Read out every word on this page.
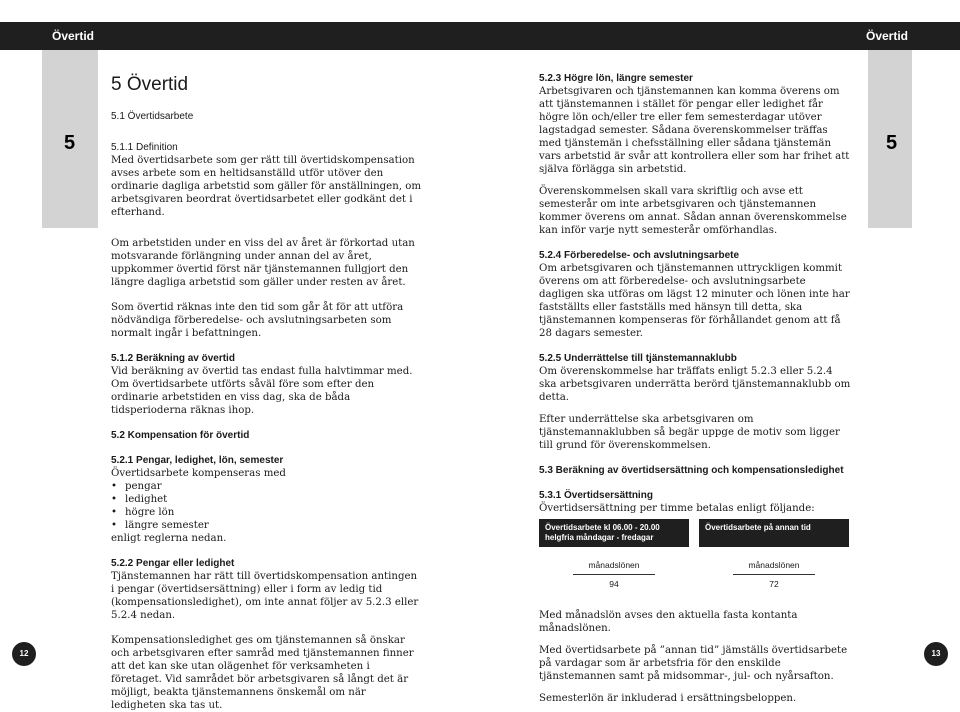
Övertid	Övertid
5	5
5 Övertid
5.1 Övertidsarbete
5.1.1 Definition

Med övertidsarbete som ger rätt till övertidskompensation avses arbete som en heltidsanställd utför utöver den ordinarie dagliga arbetstid som gäller för anställningen, om arbetsgivaren beordrat övertidsarbetet eller godkänt det i efterhand.

Om arbetstiden under en viss del av året är förkortad utan motsvarande förlängning under annan del av året, uppkommer övertid först när tjänstemannen fullgjort den längre dagliga arbetstid som gäller under resten av året.

Som övertid räknas inte den tid som går åt för att utföra nödvändiga förberedelse- och avslutningsarbeten som normalt ingår i befattningen.

5.1.2 Beräkning av övertid

Vid beräkning av övertid tas endast fulla halvtimmar med. Om övertidsarbete utförts såväl före som efter den ordinarie arbetstiden en viss dag, ska de båda tidsperioderna räknas ihop.

5.2 Kompensation för övertid
5.2.1 Pengar, ledighet, lön, semester

Övertidsarbete kompenseras med

• pengar
• ledighet
• högre lön
• längre semester

enligt reglerna nedan.

5.2.2 Pengar eller ledighet

Tjänstemannen har rätt till övertidskompensation antingen i pengar (övertidsersättning) eller i form av ledig tid (kompensationsledighet), om inte annat följer av 5.2.3 eller 5.2.4 nedan.

Kompensationsledighet ges om tjänstemannen så önskar och arbetsgivaren efter samråd med tjänstemannen finner att det kan ske utan olägenhet för verksamheten i företaget. Vid samrådet bör arbetsgivaren så långt det är möjligt, beakta tjänstemannens önskemål om när ledigheten ska tas ut.

5.2.3 Högre lön, längre semester

Arbetsgivaren och tjänstemannen kan komma överens om att tjänstemannen i stället för pengar eller ledighet får högre lön och/eller tre eller fem semesterdagar utöver lagstadgad semester. Sådana överenskommelser träffas med tjänstemän i chefsställning eller sådana tjänstemän vars arbetstid är svår att kontrollera eller som har frihet att själva förlägga sin arbetstid.

Överenskommelsen skall vara skriftlig och avse ett semesterår om inte arbetsgivaren och tjänstemannen kommer överens om annat. Sådan annan överenskommelse kan inför varje nytt semesterår omförhandlas.

5.2.4 Förberedelse- och avslutningsarbete

Om arbetsgivaren och tjänstemannen uttryckligen kommit överens om att förberedelse- och avslutningsarbete dagligen ska utföras om lägst 12 minuter och lönen inte har fastställts eller fastställs med hänsyn till detta, ska tjänstemannen kompenseras för förhållandet genom att få 28 dagars semester.

5.2.5 Underrättelse till tjänstemannaklubb

Om överenskommelse har träffats enligt 5.2.3 eller 5.2.4 ska arbetsgivaren underrätta berörd tjänstemannaklubb om detta.

Efter underrättelse ska arbetsgivaren om tjänstemannaklubben så begär uppge de motiv som ligger till grund för överenskommelsen.

5.3 Beräkning av övertidsersättning och kompensationsledighet
5.3.1 Övertidsersättning

Övertidsersättning per timme betalas enligt följande:

Övertidsarbete kl 06.00 - 20.00 helgfria måndagar - fredagar
månadslönen
94
Övertidsarbete på annan tid
månadslönen
72

Med månadslön avses den aktuella fasta kontanta månadslönen.

Med övertidsarbete på ”annan tid” jämställs övertidsarbete på vardagar som är arbetsfria för den enskilde tjänstemannen samt på midsommar-, jul- och nyårsafton.

Semesterlön är inkluderad i ersättningsbeloppen.

12	13
